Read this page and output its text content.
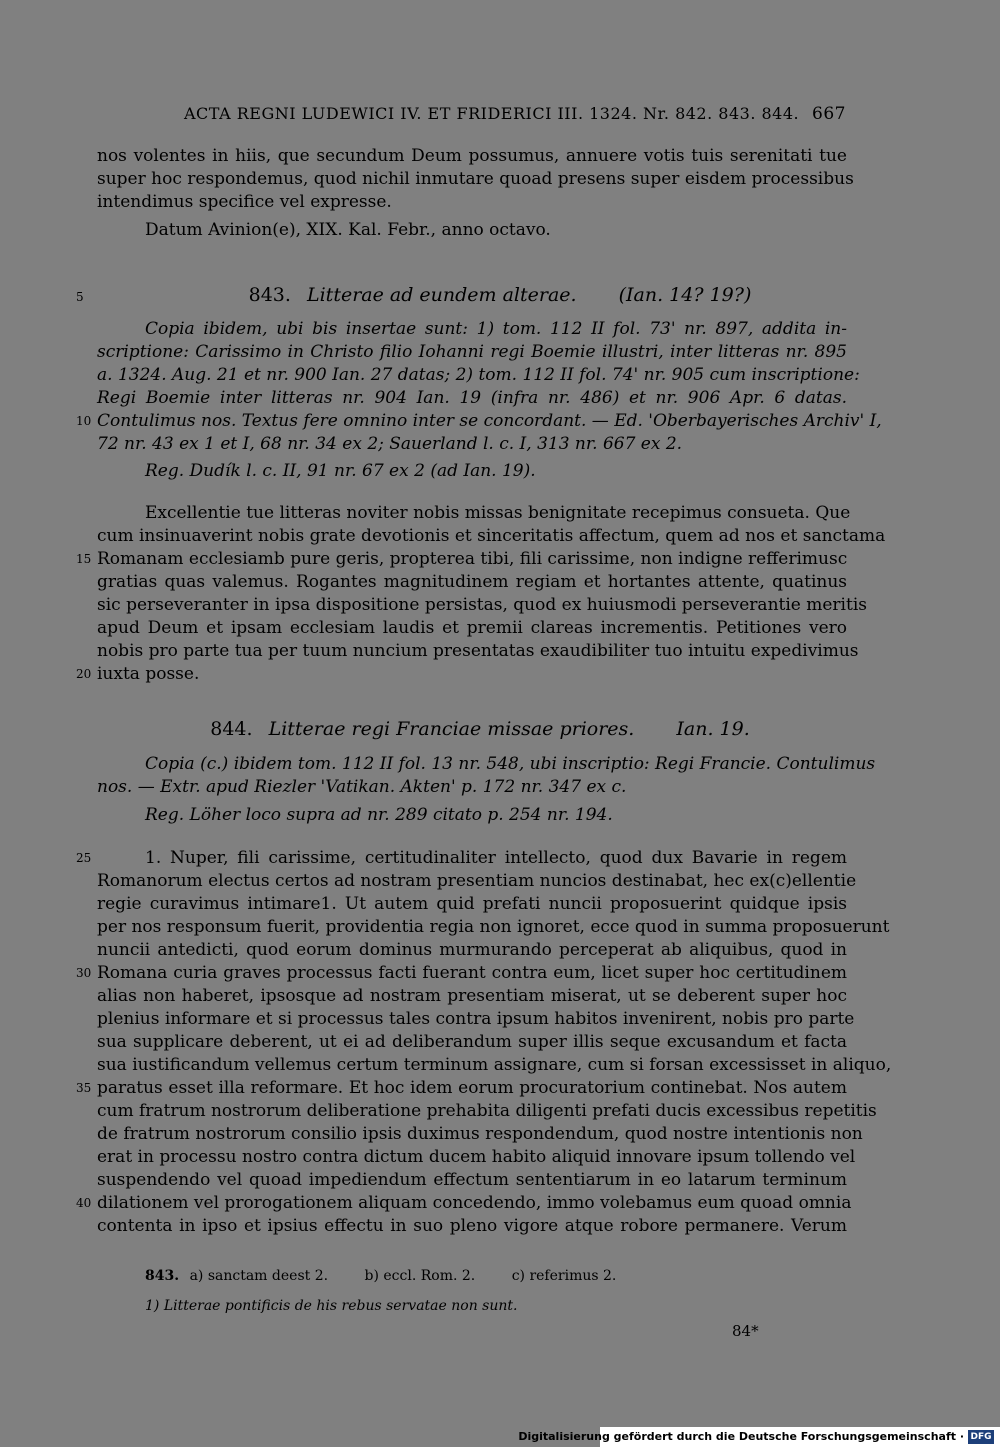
ACTA REGNI LUDEWICI IV. ET FRIDERICI III. 1324. Nr. 842. 843. 844. 667
nos volentes in hiis, que secundum Deum possumus, annuere votis tuis serenitati tue
super hoc respondemus, quod nichil inmutare quoad presens super eisdem processibus
intendimus specifice vel expresse.
Datum Avinion(e), XIX. Kal. Febr., anno octavo.
5	843. Litterae ad eundem alterae. (Ian. 14? 19?)
Copia ibidem, ubi bis insertae sunt: 1) tom. 112 II fol. 73' nr. 897, addita in-
scriptione: Carissimo in Christo filio Iohanni regi Boemie illustri, inter litteras nr. 895
a. 1324. Aug. 21 et nr. 900 Ian. 27 datas; 2) tom. 112 II fol. 74' nr. 905 cum inscriptione:
Regi Boemie inter litteras nr. 904 Ian. 19 (infra nr. 486) et nr. 906 Apr. 6 datas.
Contulimus nos. Textus fere omnino inter se concordant. — Ed. 'Oberbayerisches Archiv' I,
72 nr. 43 ex 1 et I, 68 nr. 34 ex 2; Sauerland l. c. I, 313 nr. 667 ex 2.
Reg. Dudík l. c. II, 91 nr. 67 ex 2 (ad Ian. 19).
10
Excellentie tue litteras noviter nobis missas benignitate recepimus consueta. Que
cum insinuaverint nobis grate devotionis et sinceritatis affectum, quem ad nos et sanctama
Romanam ecclesiamb pure geris, propterea tibi, fili carissime, non indigne refferimusc
gratias quas valemus. Rogantes magnitudinem regiam et hortantes attente, quatinus
sic perseveranter in ipsa dispositione persistas, quod ex huiusmodi perseverantie meritis
apud Deum et ipsam ecclesiam laudis et premii clareas incrementis. Petitiones vero
nobis pro parte tua per tuum nuncium presentatas exaudibiliter tuo intuitu expedivimus
iuxta posse.
15
20
844. Litterae regi Franciae missae priores. Ian. 19.
Copia (c.) ibidem tom. 112 II fol. 13 nr. 548, ubi inscriptio: Regi Francie. Contulimus
nos. — Extr. apud Riezler 'Vatikan. Akten' p. 172 nr. 347 ex c.
Reg. Löher loco supra ad nr. 289 citato p. 254 nr. 194.
1. Nuper, fili carissime, certitudinaliter intellecto, quod dux Bavarie in regem
Romanorum electus certos ad nostram presentiam nuncios destinabat, hec ex(c)ellentie
regie curavimus intimare1. Ut autem quid prefati nuncii proposuerint quidque ipsis
per nos responsum fuerit, providentia regia non ignoret, ecce quod in summa proposuerunt
nuncii antedicti, quod eorum dominus murmurando perceperat ab aliquibus, quod in
Romana curia graves processus facti fuerant contra eum, licet super hoc certitudinem
alias non haberet, ipsosque ad nostram presentiam miserat, ut se deberent super hoc
plenius informare et si processus tales contra ipsum habitos invenirent, nobis pro parte
sua supplicare deberent, ut ei ad deliberandum super illis seque excusandum et facta
sua iustificandum vellemus certum terminum assignare, cum si forsan excessisset in aliquo,
paratus esset illa reformare. Et hoc idem eorum procuratorium continebat. Nos autem
cum fratrum nostrorum deliberatione prehabita diligenti prefati ducis excessibus repetitis
de fratrum nostrorum consilio ipsis duximus respondendum, quod nostre intentionis non
erat in processu nostro contra dictum ducem habito aliquid innovare ipsum tollendo vel
suspendendo vel quoad impediendum effectum sententiarum in eo latarum terminum
dilationem vel prorogationem aliquam concedendo, immo volebamus eum quoad omnia
contenta in ipso et ipsius effectu in suo pleno vigore atque robore permanere. Verum
25
30
35
40
843. a) sanctam deest 2.	b) eccl. Rom. 2.	c) referimus 2.
1) Litterae pontificis de his rebus servatae non sunt.
84*
Digitalisierung gefördert durch die Deutsche Forschungsgemeinschaft · DFG
